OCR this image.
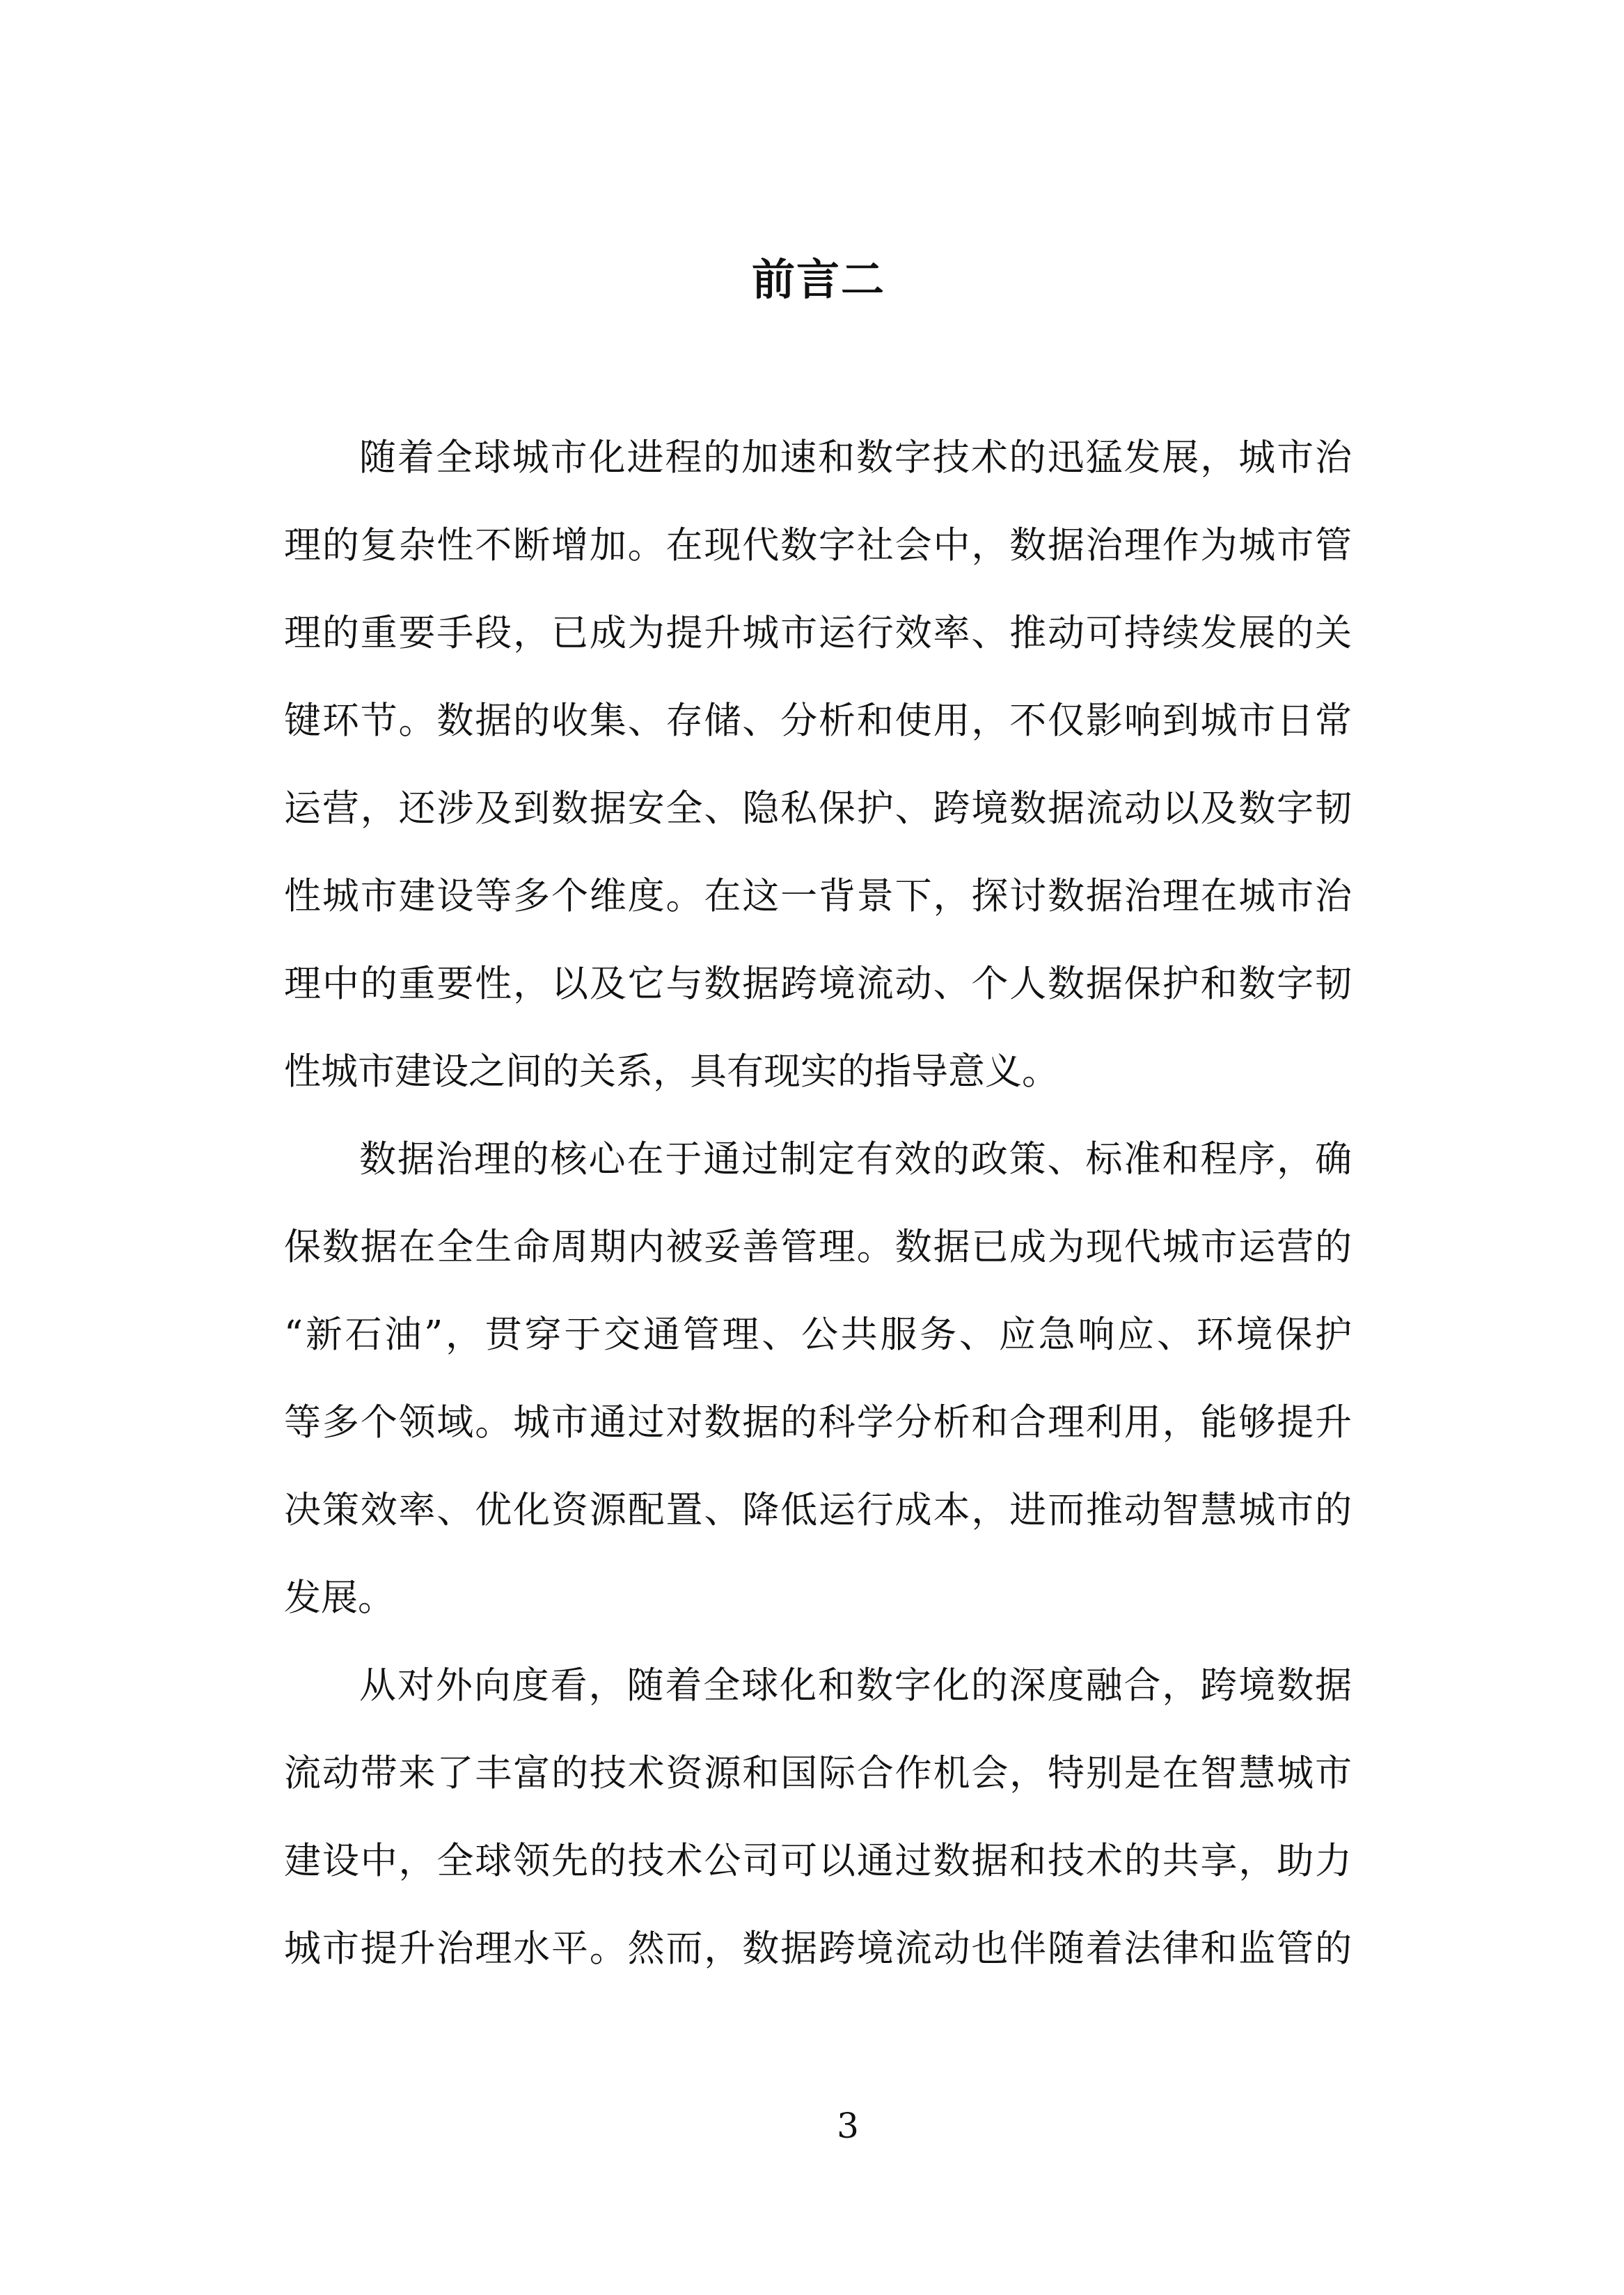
前言二
随着全球城市化进程的加速和数字技术的迅猛发展，城市治
理的复杂性不断增加。在现代数字社会中，数据治理作为城市管
理的重要手段，已成为提升城市运行效率、推动可持续发展的关
键环节。数据的收集、存储、分析和使用，不仅影响到城市日常
运营，还涉及到数据安全、隐私保护、跨境数据流动以及数字韧
性城市建设等多个维度。在这一背景下，探讨数据治理在城市治
理中的重要性，以及它与数据跨境流动、个人数据保护和数字韧
性城市建设之间的关系，具有现实的指导意义。
数据治理的核心在于通过制定有效的政策、标准和程序，确
保数据在全生命周期内被妥善管理。数据已成为现代城市运营的
“新石油”，贯穿于交通管理、公共服务、应急响应、环境保护
等多个领域。城市通过对数据的科学分析和合理利用，能够提升
决策效率、优化资源配置、降低运行成本，进而推动智慧城市的
发展。
从对外向度看，随着全球化和数字化的深度融合，跨境数据
流动带来了丰富的技术资源和国际合作机会，特别是在智慧城市
建设中，全球领先的技术公司可以通过数据和技术的共享，助力
城市提升治理水平。然而，数据跨境流动也伴随着法律和监管的
3
